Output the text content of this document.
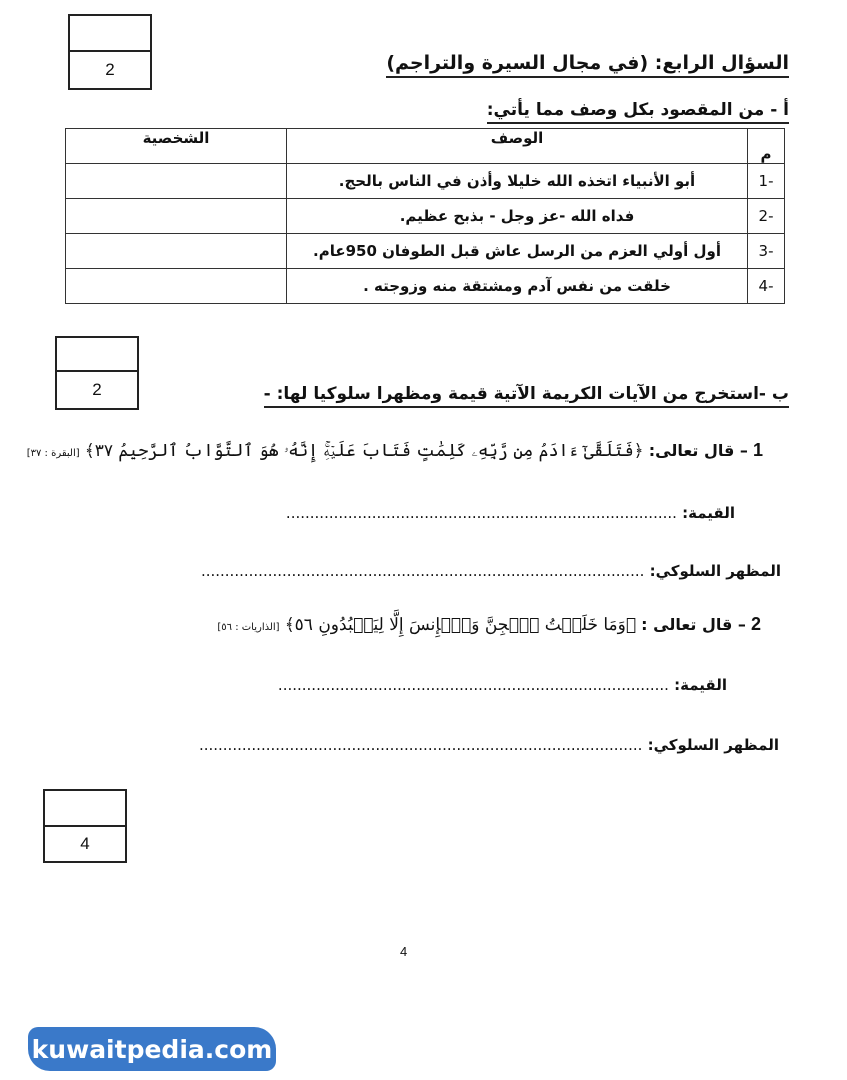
2	السؤال الرابع: (في مجال السيرة والتراجم)
أ - من المقصود بكل وصف مما يأتي:
م	الوصف	الشخصية
-1	أبو الأنبياء اتخذه الله خليلا وأذن في الناس بالحج.	
-2	فداه الله -عز وجل - بذبح عظيم.	
-3	أول أولي العزم من الرسل عاش قبل الطوفان 950عام.	
-4	خلقت من نفس آدم ومشتقة منه وزوجته .	
2	ب -استخرج من الآيات الكريمة الآتية قيمة ومظهرا سلوكيا لها: -
1 – قال تعالى: ﴿فَتَلَقَّىٰٓ ءَادَمُ مِن رَّبِّهِۦ كَلِمَٰتٍ فَتَابَ عَلَيۡهِۚ إِنَّهُۥ هُوَ ٱلتَّوَّابُ ٱلرَّحِيمُ ٣٧﴾ [البقرة : ٣٧]
القيمة: ..................................................................................
المظهر السلوكي: .............................................................................................
2 – قال تعالى : ﴿وَمَا خَلَقۡتُ ٱلۡجِنَّ وَٱلۡإِنسَ إِلَّا لِيَعۡبُدُونِ ٥٦﴾ [الذاريات : ٥٦]
القيمة: ..................................................................................
المظهر السلوكي: .............................................................................................
4
4
kuwaitpedia.com
